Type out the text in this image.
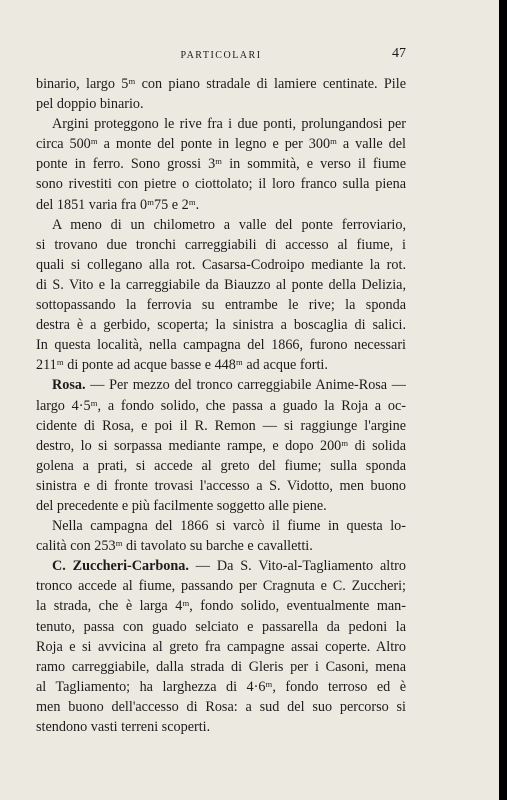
PARTICOLARI	47
binario, largo 5ᵐ con piano stradale di lamiere centinate. Pile
pel doppio binario.
Argini proteggono le rive fra i due ponti, prolungandosi per
circa 500ᵐ a monte del ponte in legno e per 300ᵐ a valle del
ponte in ferro. Sono grossi 3ᵐ in sommità, e verso il fiume
sono rivestiti con pietre o ciottolato; il loro franco sulla piena
del 1851 varia fra 0ᵐ75 e 2ᵐ.
A meno di un chilometro a valle del ponte ferroviario,
si trovano due tronchi carreggiabili di accesso al fiume, i
quali si collegano alla rot. Casarsa-Codroipo mediante la rot.
di S. Vito e la carreggiabile da Biauzzo al ponte della Delizia,
sottopassando la ferrovia su entrambe le rive; la sponda
destra è a gerbido, scoperta; la sinistra a boscaglia di salici.
In questa località, nella campagna del 1866, furono necessari
211ᵐ di ponte ad acque basse e 448ᵐ ad acque forti.
Rosa. — Per mezzo del tronco carreggiabile Anime-Rosa —
largo 4·5ᵐ, a fondo solido, che passa a guado la Roja a oc-
cidente di Rosa, e poi il R. Remon — si raggiunge l'argine
destro, lo si sorpassa mediante rampe, e dopo 200ᵐ di solida
golena a prati, si accede al greto del fiume; sulla sponda
sinistra e di fronte trovasi l'accesso a S. Vidotto, men buono
del precedente e più facilmente soggetto alle piene.
Nella campagna del 1866 si varcò il fiume in questa lo-
calità con 253ᵐ di tavolato su barche e cavalletti.
C. Zuccheri-Carbona. — Da S. Vito-al-Tagliamento altro
tronco accede al fiume, passando per Cragnuta e C. Zuccheri;
la strada, che è larga 4ᵐ, fondo solido, eventualmente man-
tenuto, passa con guado selciato e passarella da pedoni la
Roja e si avvicina al greto fra campagne assai coperte. Altro
ramo carreggiabile, dalla strada di Gleris per i Casoni, mena
al Tagliamento; ha larghezza di 4·6ᵐ, fondo terroso ed è
men buono dell'accesso di Rosa: a sud del suo percorso si
stendono vasti terreni scoperti.
